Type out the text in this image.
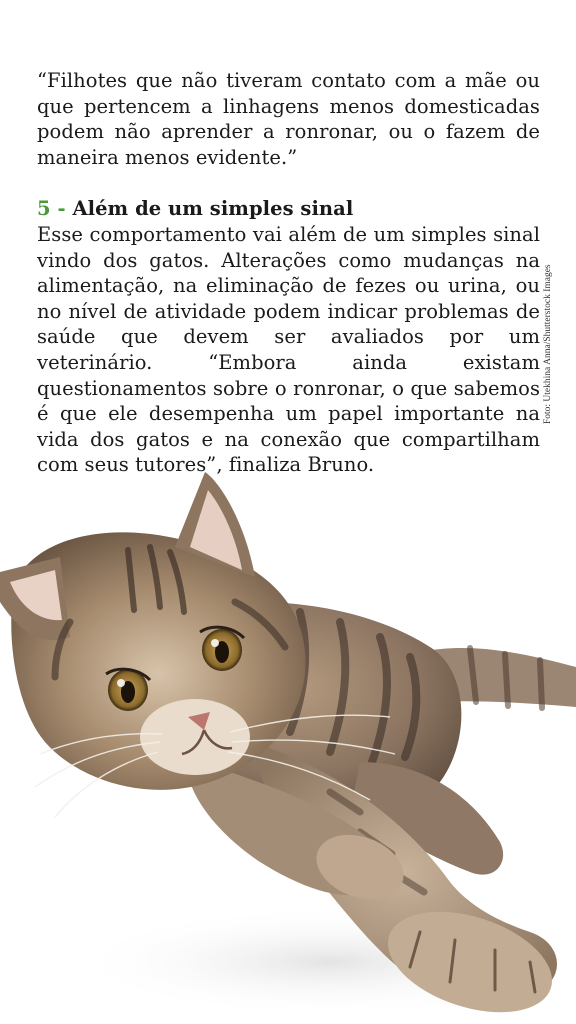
“Filhotes que não tiveram contato com a mãe ou que pertencem a linhagens menos domesticadas podem não aprender a ronronar, ou o fazem de maneira menos evidente.”

5 - Além de um simples sinal

Esse comportamento vai além de um simples sinal vindo dos gatos. Alterações como mudanças na alimentação, na eliminação de fezes ou urina, ou no nível de atividade podem indicar problemas de saúde que devem ser avaliados por um veterinário. “Embora ainda existam questionamentos sobre o ronronar, o que sabemos é que ele desempenha um papel importante na vida dos gatos e na conexão que compartilham com seus tutores”, finaliza Bruno.

Foto: Utekhina Anna/Shutterstock Images
